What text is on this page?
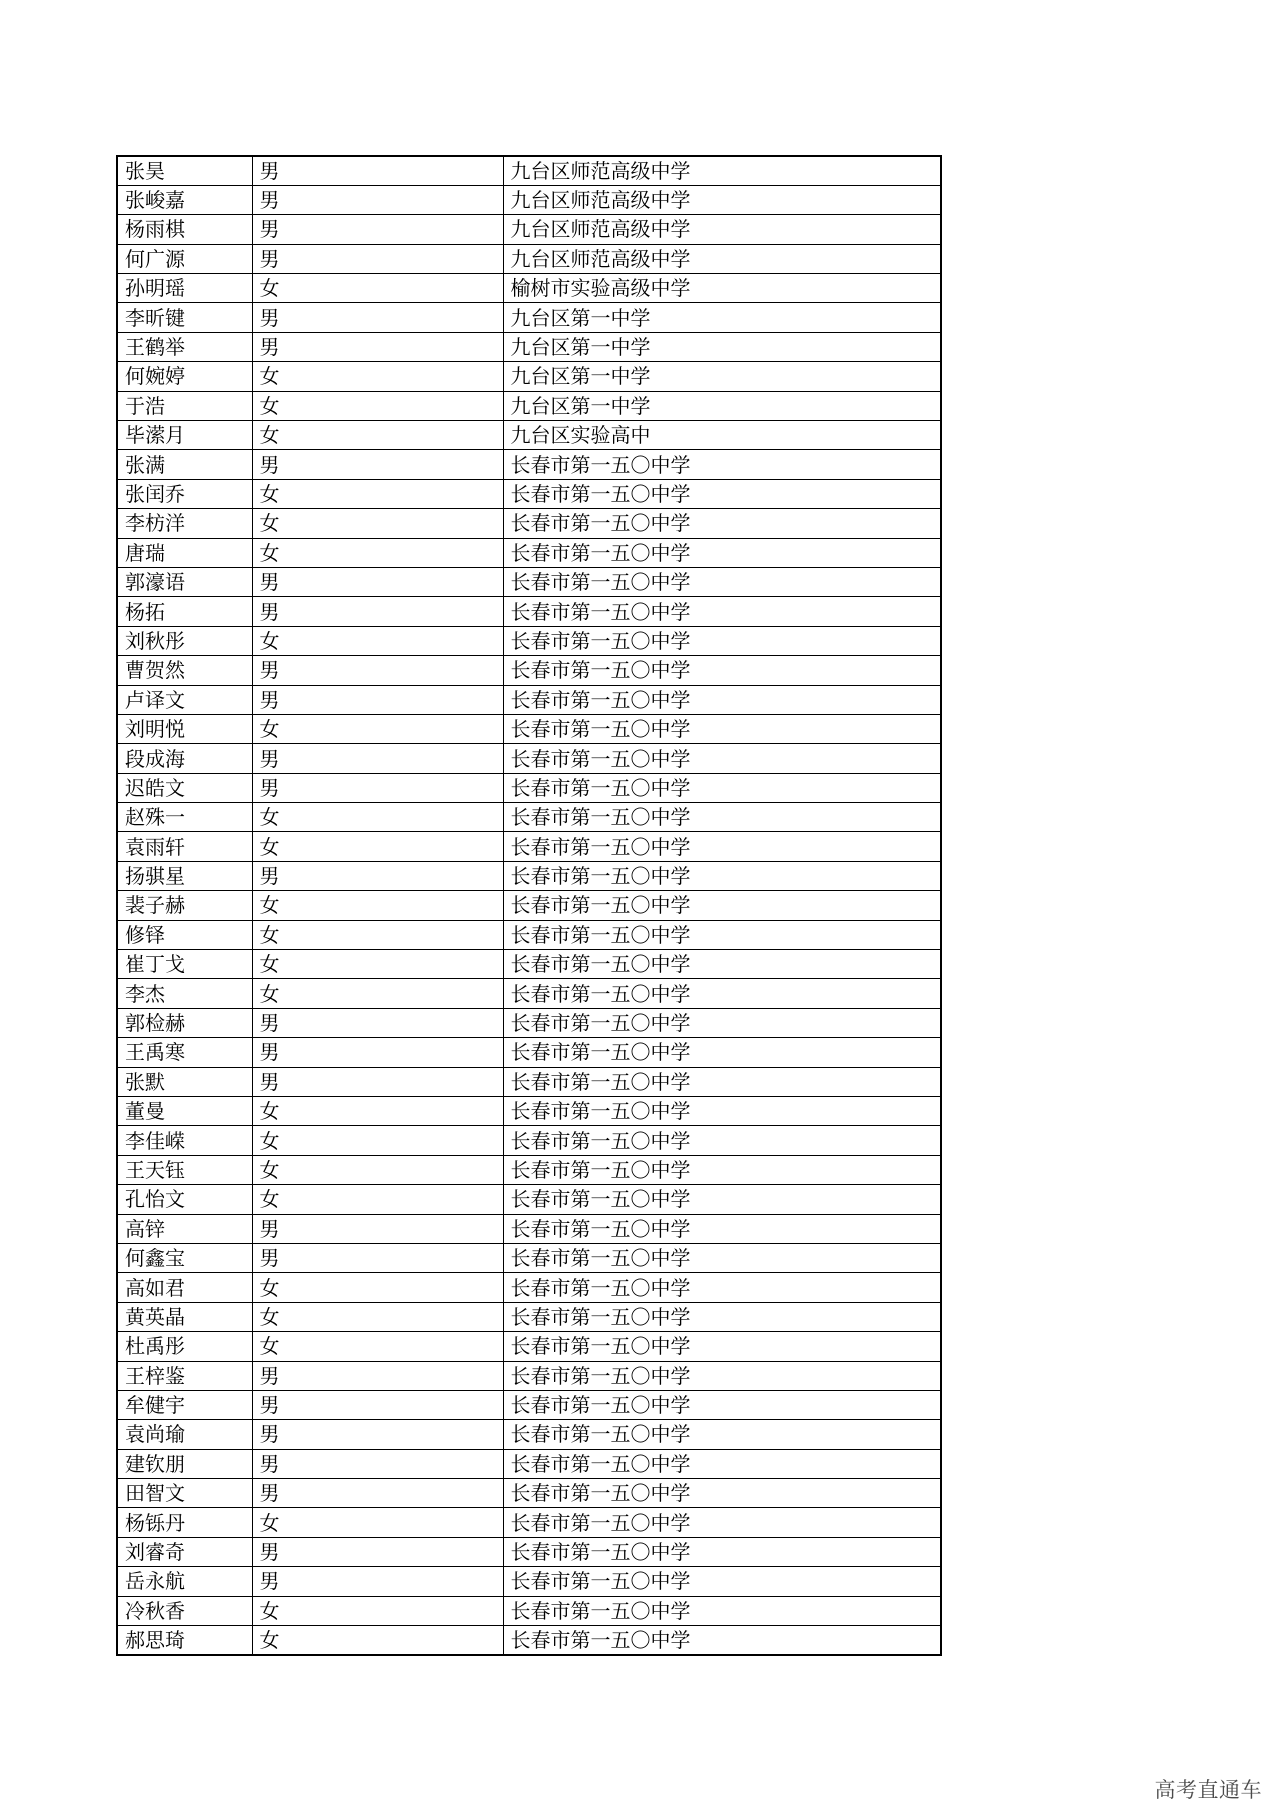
张昊	男	九台区师范高级中学
张峻嘉	男	九台区师范高级中学
杨雨棋	男	九台区师范高级中学
何广源	男	九台区师范高级中学
孙明瑶	女	榆树市实验高级中学
李昕键	男	九台区第一中学
王鹤举	男	九台区第一中学
何婉婷	女	九台区第一中学
于浩	女	九台区第一中学
毕潆月	女	九台区实验高中
张满	男	长春市第一五〇中学
张闰乔	女	长春市第一五〇中学
李枋洋	女	长春市第一五〇中学
唐瑞	女	长春市第一五〇中学
郭濠语	男	长春市第一五〇中学
杨拓	男	长春市第一五〇中学
刘秋彤	女	长春市第一五〇中学
曹贺然	男	长春市第一五〇中学
卢译文	男	长春市第一五〇中学
刘明悦	女	长春市第一五〇中学
段成海	男	长春市第一五〇中学
迟皓文	男	长春市第一五〇中学
赵殊一	女	长春市第一五〇中学
袁雨轩	女	长春市第一五〇中学
扬骐星	男	长春市第一五〇中学
裴子赫	女	长春市第一五〇中学
修铎	女	长春市第一五〇中学
崔丁戈	女	长春市第一五〇中学
李杰	女	长春市第一五〇中学
郭检赫	男	长春市第一五〇中学
王禹寒	男	长春市第一五〇中学
张默	男	长春市第一五〇中学
董曼	女	长春市第一五〇中学
李佳嵘	女	长春市第一五〇中学
王天钰	女	长春市第一五〇中学
孔怡文	女	长春市第一五〇中学
高锌	男	长春市第一五〇中学
何鑫宝	男	长春市第一五〇中学
高如君	女	长春市第一五〇中学
黄英晶	女	长春市第一五〇中学
杜禹彤	女	长春市第一五〇中学
王梓鉴	男	长春市第一五〇中学
牟健宇	男	长春市第一五〇中学
袁尚瑜	男	长春市第一五〇中学
建钦朋	男	长春市第一五〇中学
田智文	男	长春市第一五〇中学
杨铄丹	女	长春市第一五〇中学
刘睿奇	男	长春市第一五〇中学
岳永航	男	长春市第一五〇中学
冷秋香	女	长春市第一五〇中学
郝思琦	女	长春市第一五〇中学
高考直通车
